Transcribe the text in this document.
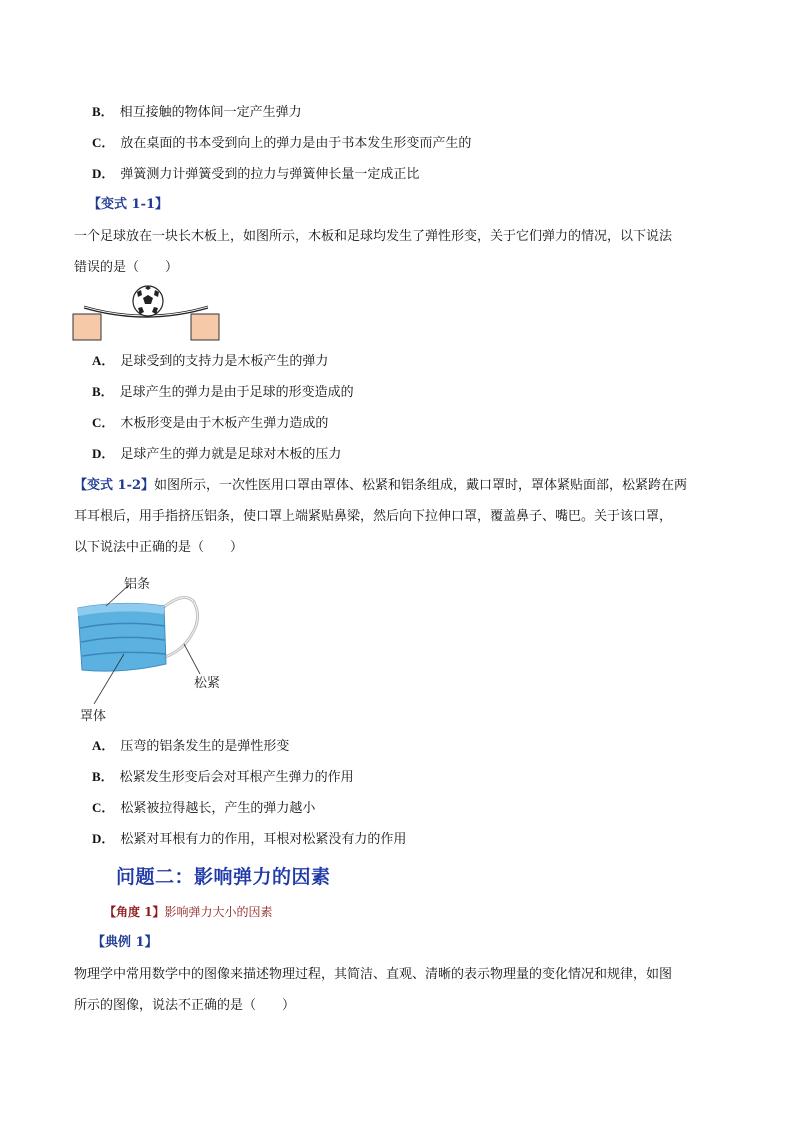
B． 相互接触的物体间一定产生弹力
C． 放在桌面的书本受到向上的弹力是由于书本发生形变而产生的
D． 弹簧测力计弹簧受到的拉力与弹簧伸长量一定成正比
【变式 1-1】
一个足球放在一块长木板上，如图所示，木板和足球均发生了弹性形变，关于它们弹力的情况，以下说法
错误的是（　　）
A． 足球受到的支持力是木板产生的弹力
B． 足球产生的弹力是由于足球的形变造成的
C． 木板形变是由于木板产生弹力造成的
D． 足球产生的弹力就是足球对木板的压力
【变式 1-2】如图所示，一次性医用口罩由罩体、松紧和铝条组成，戴口罩时，罩体紧贴面部，松紧跨在两
耳耳根后，用手指挤压铝条，使口罩上端紧贴鼻梁，然后向下拉伸口罩，覆盖鼻子、嘴巴。关于该口罩，
以下说法中正确的是（　　）
铝条
松紧
罩体
A． 压弯的铝条发生的是弹性形变
B． 松紧发生形变后会对耳根产生弹力的作用
C． 松紧被拉得越长，产生的弹力越小
D． 松紧对耳根有力的作用，耳根对松紧没有力的作用
问题二：影响弹力的因素
【角度 1】影响弹力大小的因素
【典例 1】
物理学中常用数学中的图像来描述物理过程，其简洁、直观、清晰的表示物理量的变化情况和规律，如图
所示的图像，说法不正确的是（　　）
